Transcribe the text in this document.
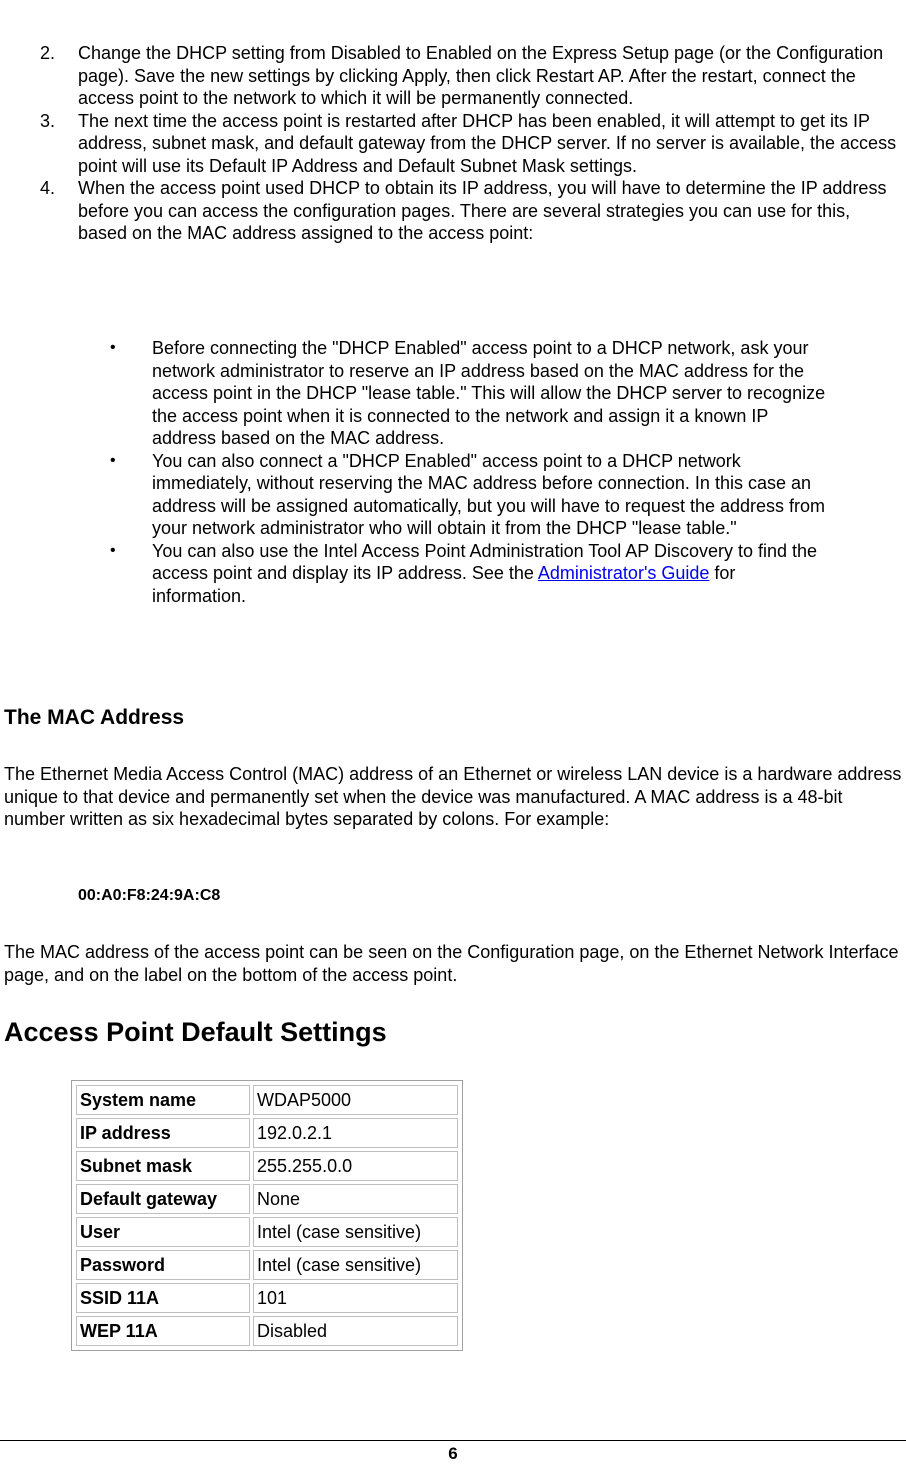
2. Change the DHCP setting from Disabled to Enabled on the Express Setup page (or the Configuration page). Save the new settings by clicking Apply, then click Restart AP. After the restart, connect the access point to the network to which it will be permanently connected.
3. The next time the access point is restarted after DHCP has been enabled, it will attempt to get its IP address, subnet mask, and default gateway from the DHCP server. If no server is available, the access point will use its Default IP Address and Default Subnet Mask settings.
4. When the access point used DHCP to obtain its IP address, you will have to determine the IP address before you can access the configuration pages. There are several strategies you can use for this, based on the MAC address assigned to the access point:
• Before connecting the "DHCP Enabled" access point to a DHCP network, ask your network administrator to reserve an IP address based on the MAC address for the access point in the DHCP "lease table." This will allow the DHCP server to recognize the access point when it is connected to the network and assign it a known IP address based on the MAC address.
• You can also connect a "DHCP Enabled" access point to a DHCP network immediately, without reserving the MAC address before connection. In this case an address will be assigned automatically, but you will have to request the address from your network administrator who will obtain it from the DHCP "lease table."
• You can also use the Intel Access Point Administration Tool AP Discovery to find the access point and display its IP address. See the Administrator's Guide for information.
The MAC Address

The Ethernet Media Access Control (MAC) address of an Ethernet or wireless LAN device is a hardware address unique to that device and permanently set when the device was manufactured. A MAC address is a 48-bit number written as six hexadecimal bytes separated by colons. For example:

00:A0:F8:24:9A:C8

The MAC address of the access point can be seen on the Configuration page, on the Ethernet Network Interface page, and on the label on the bottom of the access point.

Access Point Default Settings
System name	WDAP5000
IP address	192.0.2.1
Subnet mask	255.255.0.0
Default gateway	None
User	Intel (case sensitive)
Password	Intel (case sensitive)
SSID 11A	101
WEP 11A	Disabled
6
